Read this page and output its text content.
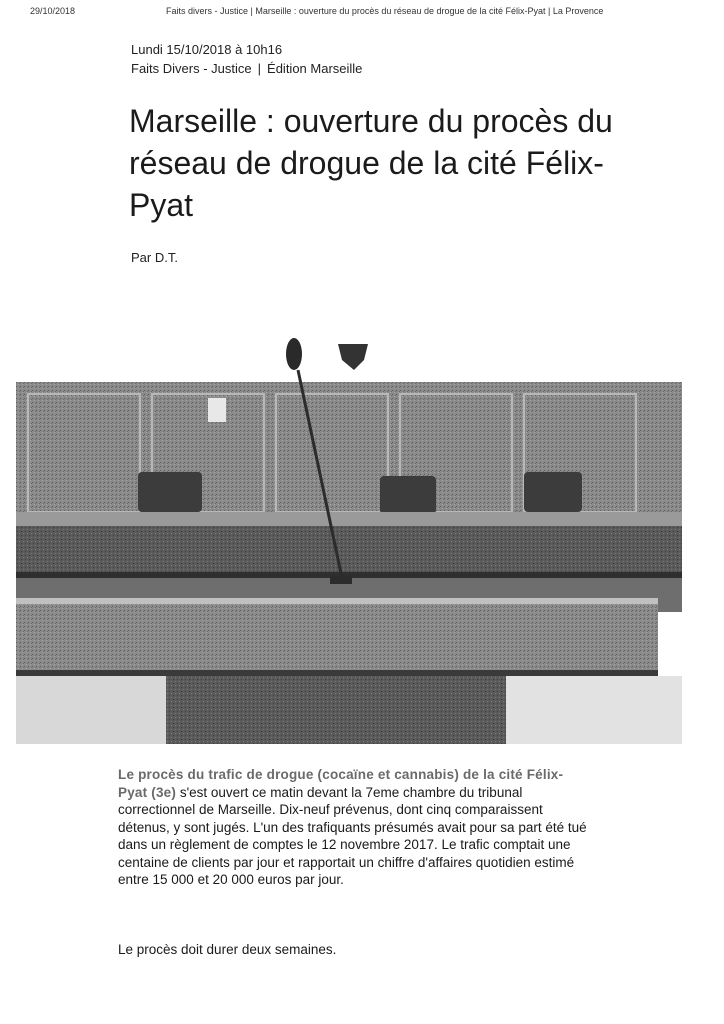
29/10/2018	Faits divers - Justice | Marseille : ouverture du procès du réseau de drogue de la cité Félix-Pyat | La Provence
Lundi 15/10/2018 à 10h16
Faits Divers - Justice | Édition Marseille
Marseille : ouverture du procès du réseau de drogue de la cité Félix-Pyat
Par D.T.
Le procès du trafic de drogue (cocaïne et cannabis) de la cité Félix-Pyat (3e) s'est ouvert ce matin devant la 7eme chambre du tribunal correctionnel de Marseille. Dix-neuf prévenus, dont cinq comparaissent détenus, y sont jugés. L'un des trafiquants présumés avait pour sa part été tué dans un règlement de comptes le 12 novembre 2017. Le trafic comptait une centaine de clients par jour et rapportait un chiffre d'affaires quotidien estimé entre 15 000 et 20 000 euros par jour.
Le procès doit durer deux semaines.
